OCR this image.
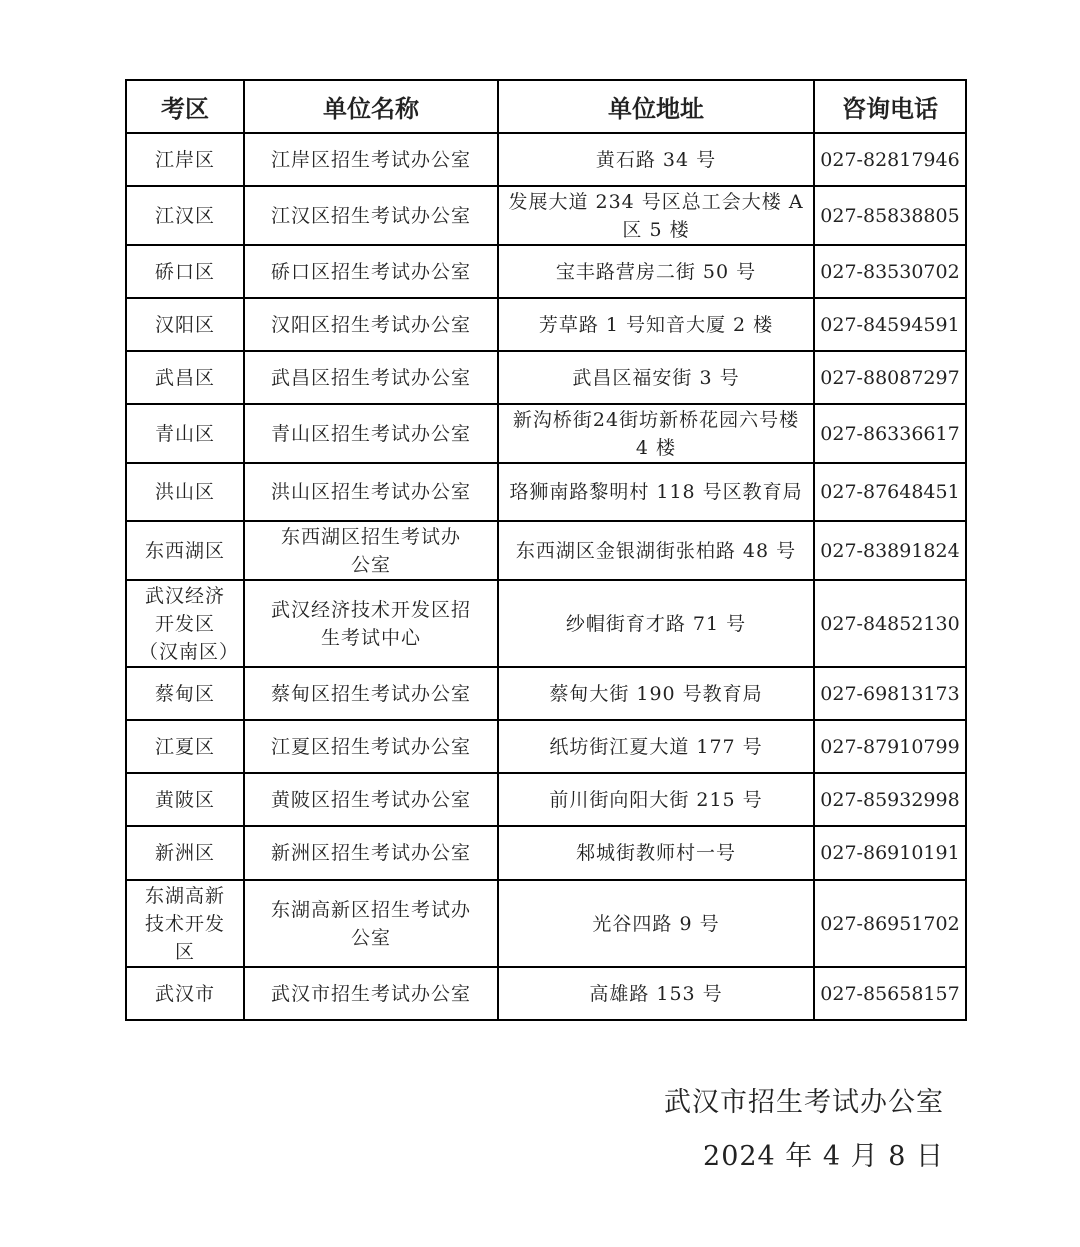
考区	单位名称	单位地址	咨询电话
江岸区	江岸区招生考试办公室	黄石路 34 号	027-82817946
江汉区	江汉区招生考试办公室	发展大道 234 号区总工会大楼 A 区 5 楼	027-85838805
硚口区	硚口区招生考试办公室	宝丰路营房二街 50 号	027-83530702
汉阳区	汉阳区招生考试办公室	芳草路 1 号知音大厦 2 楼	027-84594591
武昌区	武昌区招生考试办公室	武昌区福安街 3 号	027-88087297
青山区	青山区招生考试办公室	新沟桥街24街坊新桥花园六号楼 4 楼	027-86336617
洪山区	洪山区招生考试办公室	珞狮南路黎明村 118 号区教育局	027-87648451
东西湖区	东西湖区招生考试办公室	东西湖区金银湖街张柏路 48 号	027-83891824
武汉经济开发区（汉南区）	武汉经济技术开发区招生考试中心	纱帽街育才路 71 号	027-84852130
蔡甸区	蔡甸区招生考试办公室	蔡甸大街 190 号教育局	027-69813173
江夏区	江夏区招生考试办公室	纸坊街江夏大道 177 号	027-87910799
黄陂区	黄陂区招生考试办公室	前川街向阳大街 215 号	027-85932998
新洲区	新洲区招生考试办公室	邾城街教师村一号	027-86910191
东湖高新技术开发区	东湖高新区招生考试办公室	光谷四路 9 号	027-86951702
武汉市	武汉市招生考试办公室	高雄路 153 号	027-85658157
武汉市招生考试办公室
2024 年 4 月 8 日
